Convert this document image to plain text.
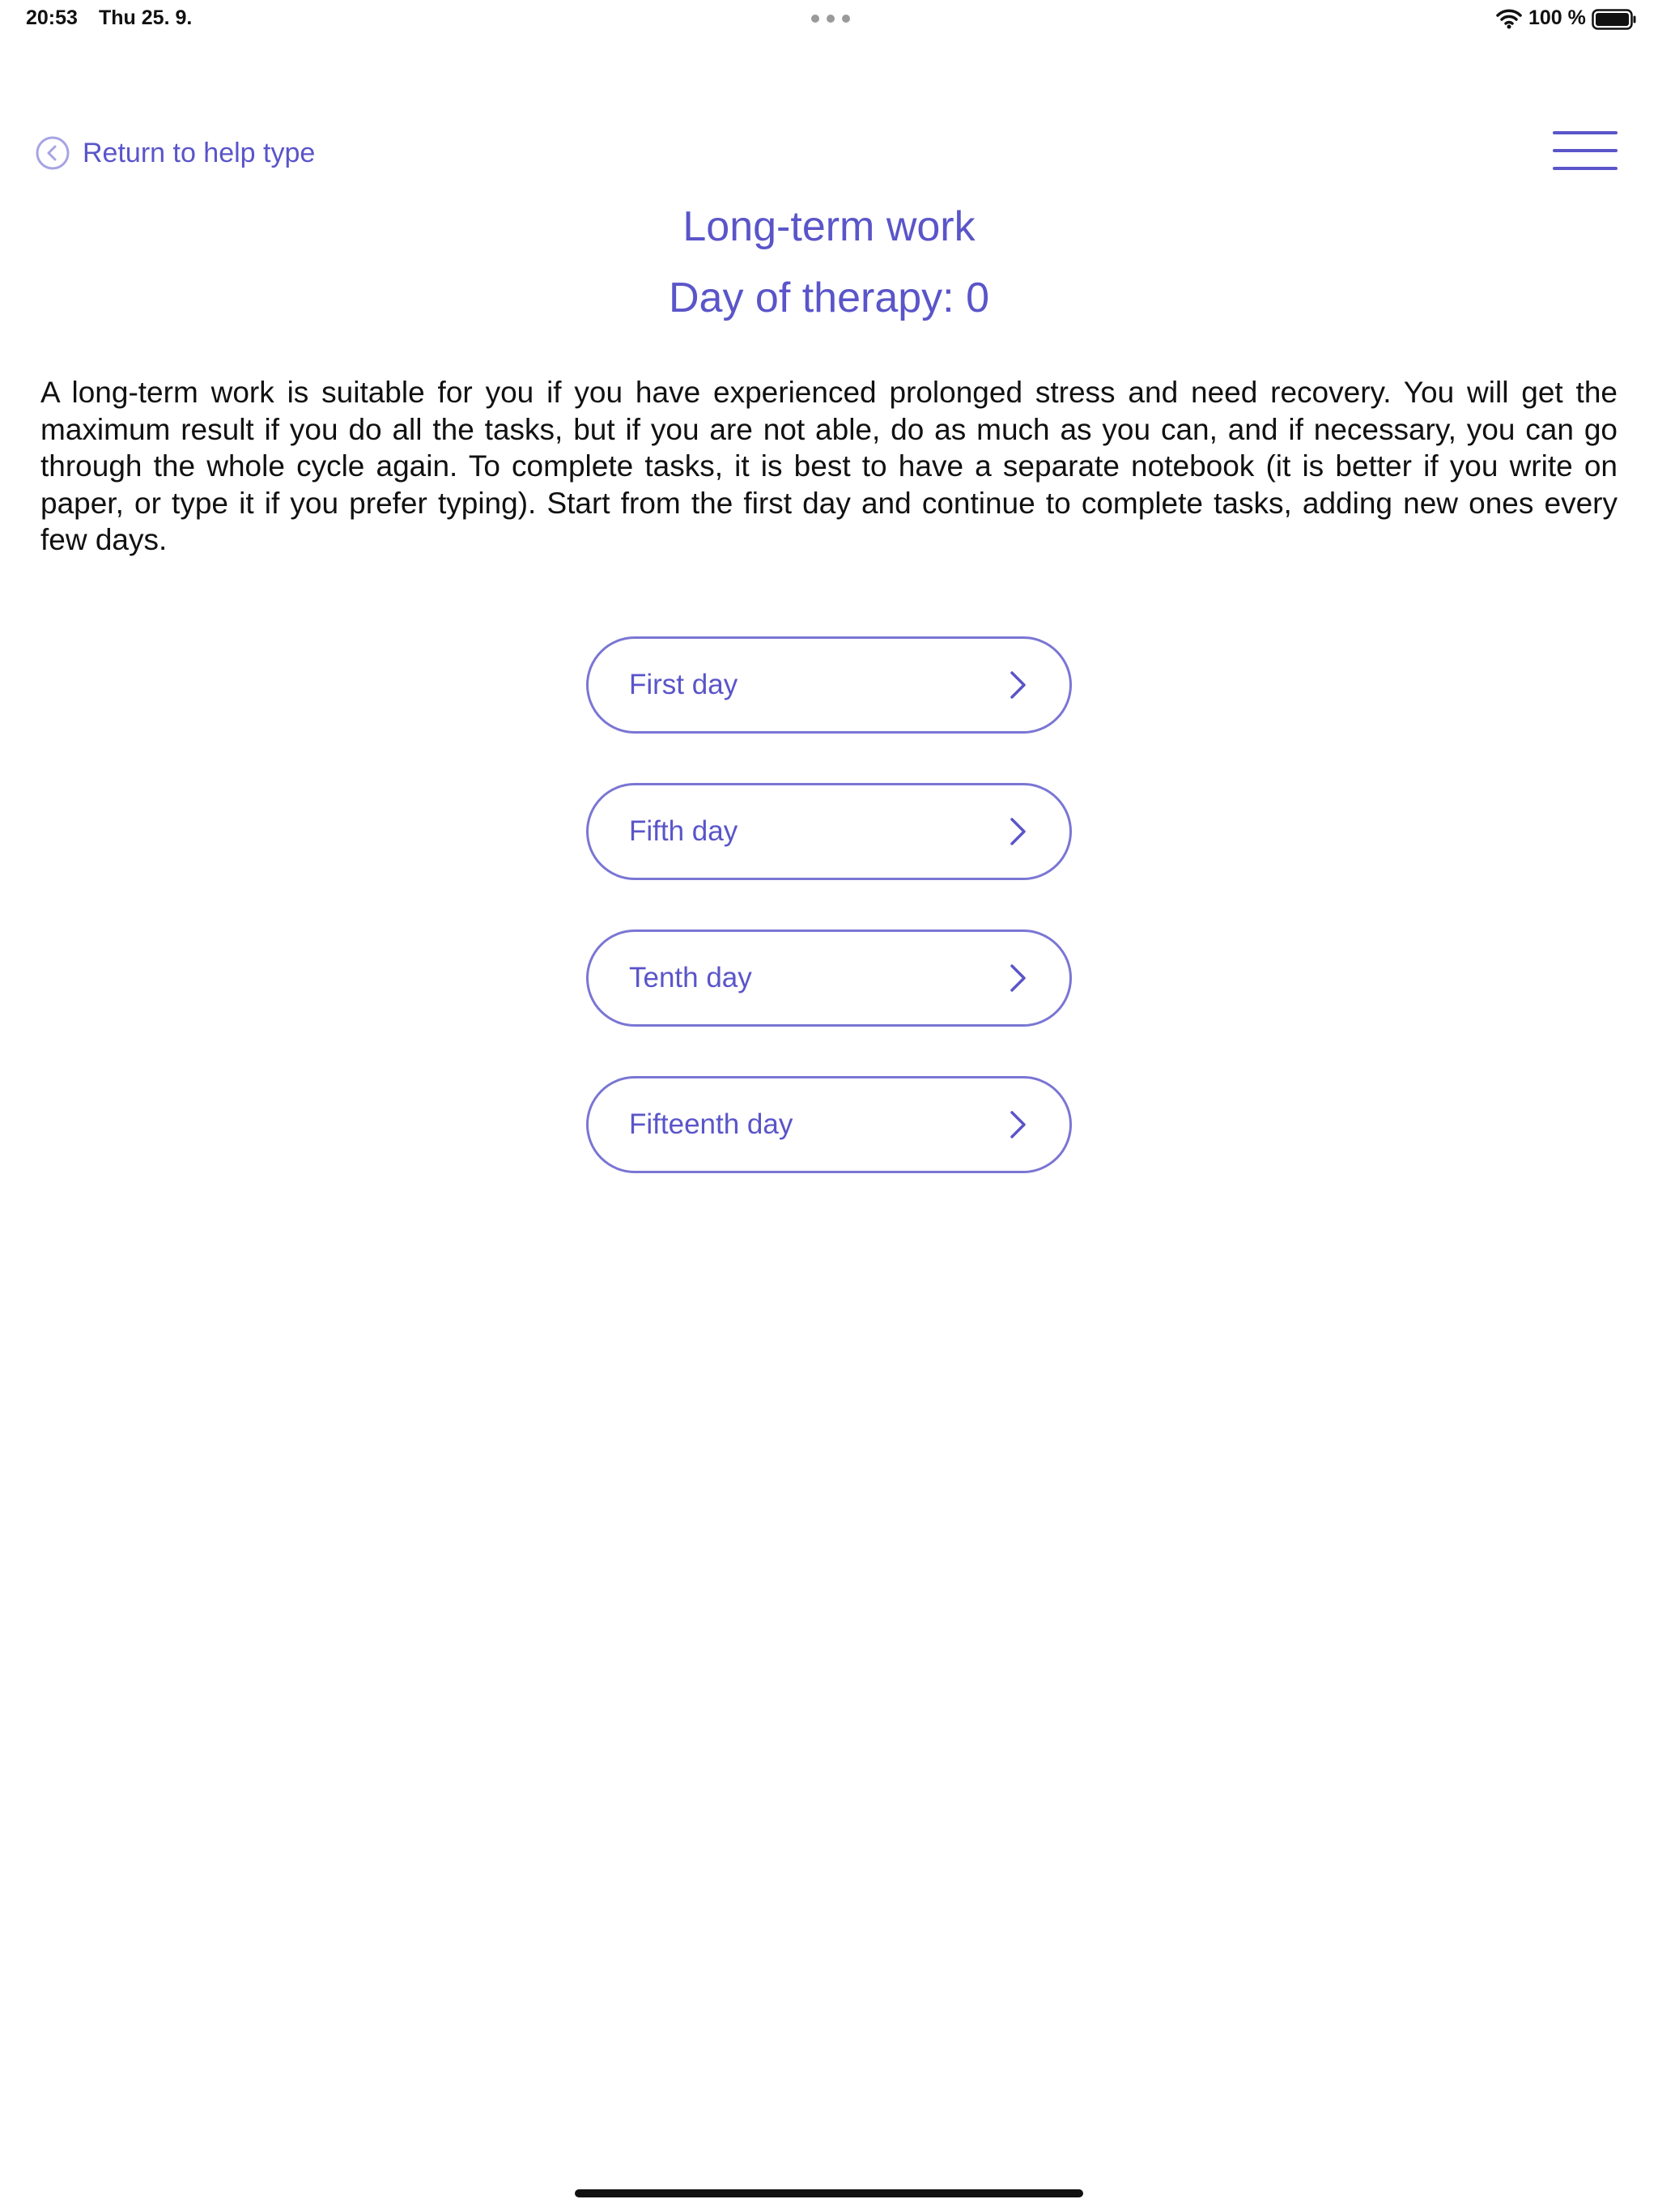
20:53 Thu 25. 9.	100 %
Return to help type
Long-term work
Day of therapy: 0

A long-term work is suitable for you if you have experienced prolonged stress and need recovery. You will get the maximum result if you do all the tasks, but if you are not able, do as much as you can, and if necessary, you can go through the whole cycle again. To complete tasks, it is best to have a separate notebook (it is better if you write on paper, or type it if you prefer typing). Start from the first day and continue to complete tasks, adding new ones every few days.

First day
Fifth day
Tenth day
Fifteenth day
